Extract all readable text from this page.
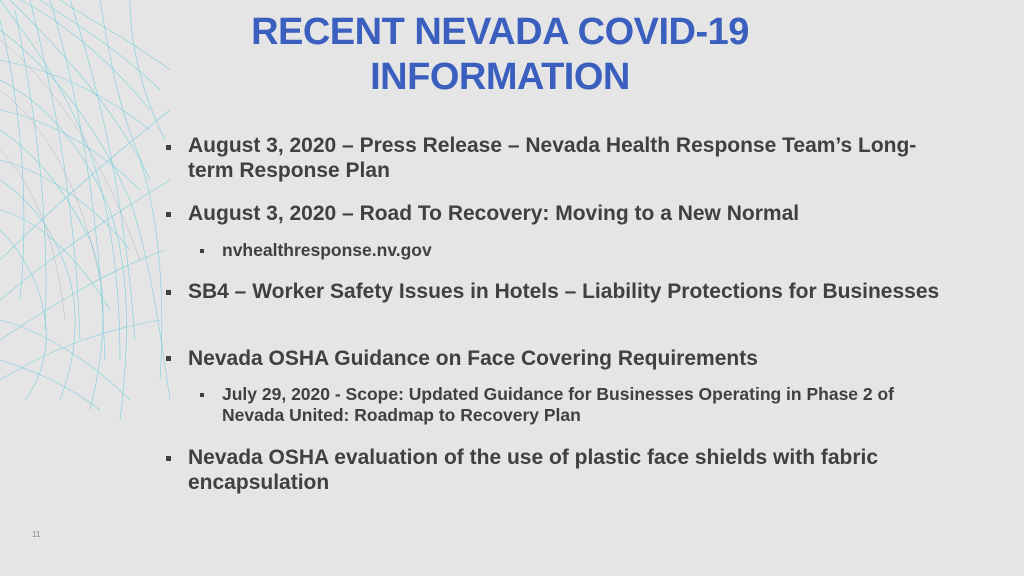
RECENT NEVADA COVID-19
INFORMATION
August 3, 2020 – Press Release – Nevada Health Response Team’s Long-term Response Plan
August 3, 2020 – Road To Recovery: Moving to a New Normal
nvhealthresponse.nv.gov
SB4 – Worker Safety Issues in Hotels – Liability Protections for Businesses
Nevada OSHA Guidance on Face Covering Requirements
July 29, 2020 - Scope: Updated Guidance for Businesses Operating in Phase 2 of Nevada United: Roadmap to Recovery Plan
Nevada OSHA evaluation of the use of plastic face shields with fabric encapsulation
11
